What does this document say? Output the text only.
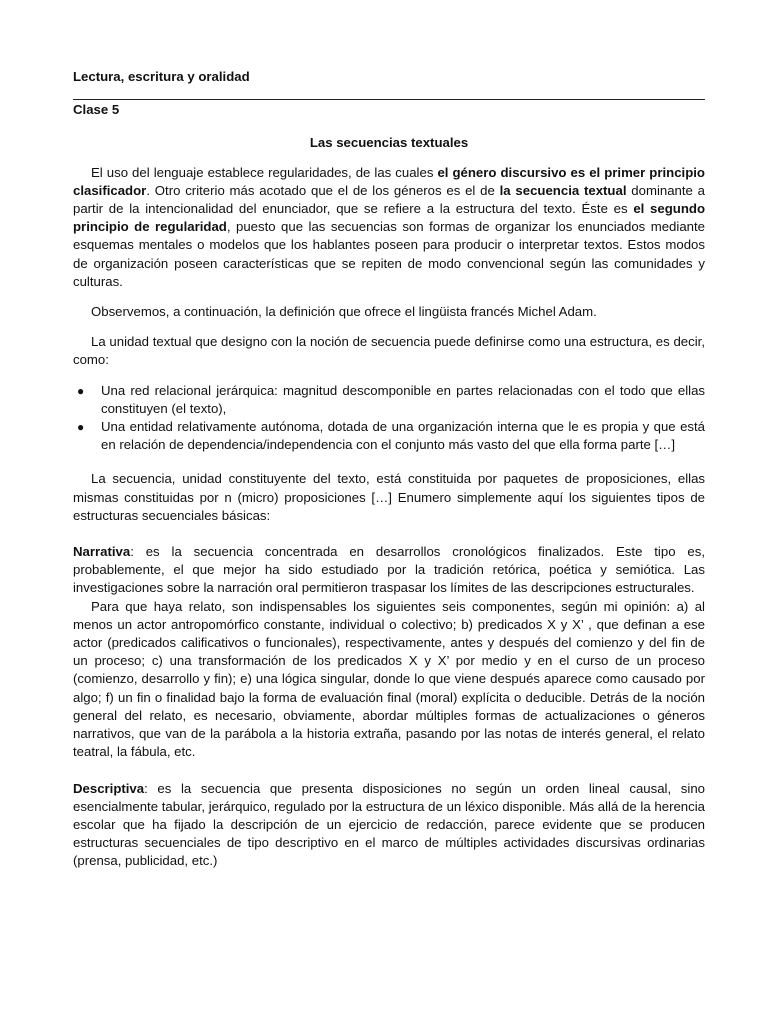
Lectura, escritura y oralidad

Clase 5

Las secuencias textuales

El uso del lenguaje establece regularidades, de las cuales el género discursivo es el primer principio clasificador. Otro criterio más acotado que el de los géneros es el de la secuencia textual dominante a partir de la intencionalidad del enunciador, que se refiere a la estructura del texto. Éste es el segundo principio de regularidad, puesto que las secuencias son formas de organizar los enunciados mediante esquemas mentales o modelos que los hablantes poseen para producir o interpretar textos. Estos modos de organización poseen características que se repiten de modo convencional según las comunidades y culturas.

Observemos, a continuación, la definición que ofrece el lingüista francés Michel Adam.

La unidad textual que designo con la noción de secuencia puede definirse como una estructura, es decir, como:

● Una red relacional jerárquica: magnitud descomponible en partes relacionadas con el todo que ellas constituyen (el texto),
● Una entidad relativamente autónoma, dotada de una organización interna que le es propia y que está en relación de dependencia/independencia con el conjunto más vasto del que ella forma parte […]

La secuencia, unidad constituyente del texto, está constituida por paquetes de proposiciones, ellas mismas constituidas por n (micro) proposiciones […] Enumero simplemente aquí los siguientes tipos de estructuras secuenciales básicas:

Narrativa: es la secuencia concentrada en desarrollos cronológicos finalizados. Este tipo es, probablemente, el que mejor ha sido estudiado por la tradición retórica, poética y semiótica. Las investigaciones sobre la narración oral permitieron traspasar los límites de las descripciones estructurales.

Para que haya relato, son indispensables los siguientes seis componentes, según mi opinión: a) al menos un actor antropomórfico constante, individual o colectivo; b) predicados X y X’ , que definan a ese actor (predicados calificativos o funcionales), respectivamente, antes y después del comienzo y del fin de un proceso; c) una transformación de los predicados X y X’ por medio y en el curso de un proceso (comienzo, desarrollo y fin); e) una lógica singular, donde lo que viene después aparece como causado por algo; f) un fin o finalidad bajo la forma de evaluación final (moral) explícita o deducible. Detrás de la noción general del relato, es necesario, obviamente, abordar múltiples formas de actualizaciones o géneros narrativos, que van de la parábola a la historia extraña, pasando por las notas de interés general, el relato teatral, la fábula, etc.

Descriptiva: es la secuencia que presenta disposiciones no según un orden lineal causal, sino esencialmente tabular, jerárquico, regulado por la estructura de un léxico disponible. Más allá de la herencia escolar que ha fijado la descripción de un ejercicio de redacción, parece evidente que se producen estructuras secuenciales de tipo descriptivo en el marco de múltiples actividades discursivas ordinarias (prensa, publicidad, etc.)
